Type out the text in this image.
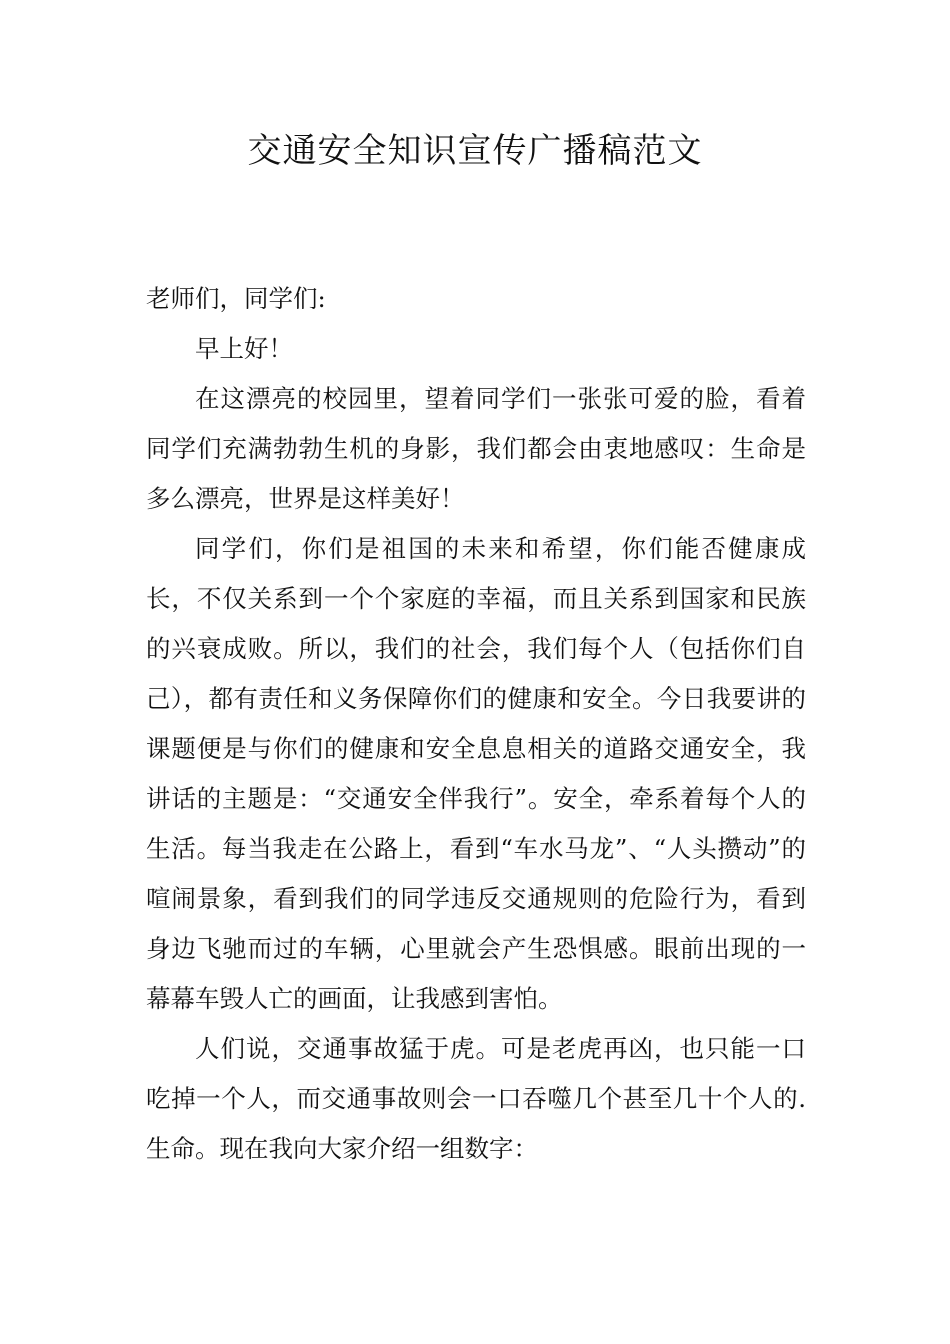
交通安全知识宣传广播稿范文

老师们，同学们:

早上好！

在这漂亮的校园里，望着同学们一张张可爱的脸，看着同学们充满勃勃生机的身影，我们都会由衷地感叹：生命是多么漂亮，世界是这样美好！

同学们，你们是祖国的未来和希望，你们能否健康成长，不仅关系到一个个家庭的幸福，而且关系到国家和民族的兴衰成败。所以，我们的社会，我们每个人（包括你们自己），都有责任和义务保障你们的健康和安全。今日我要讲的课题便是与你们的健康和安全息息相关的道路交通安全，我讲话的主题是：“交通安全伴我行”。安全，牵系着每个人的生活。每当我走在公路上，看到“车水马龙”、“人头攒动”的喧闹景象，看到我们的同学违反交通规则的危险行为，看到身边飞驰而过的车辆，心里就会产生恐惧感。眼前出现的一幕幕车毁人亡的画面，让我感到害怕。

人们说，交通事故猛于虎。可是老虎再凶，也只能一口吃掉一个人，而交通事故则会一口吞噬几个甚至几十个人的. 生命。现在我向大家介绍一组数字：
